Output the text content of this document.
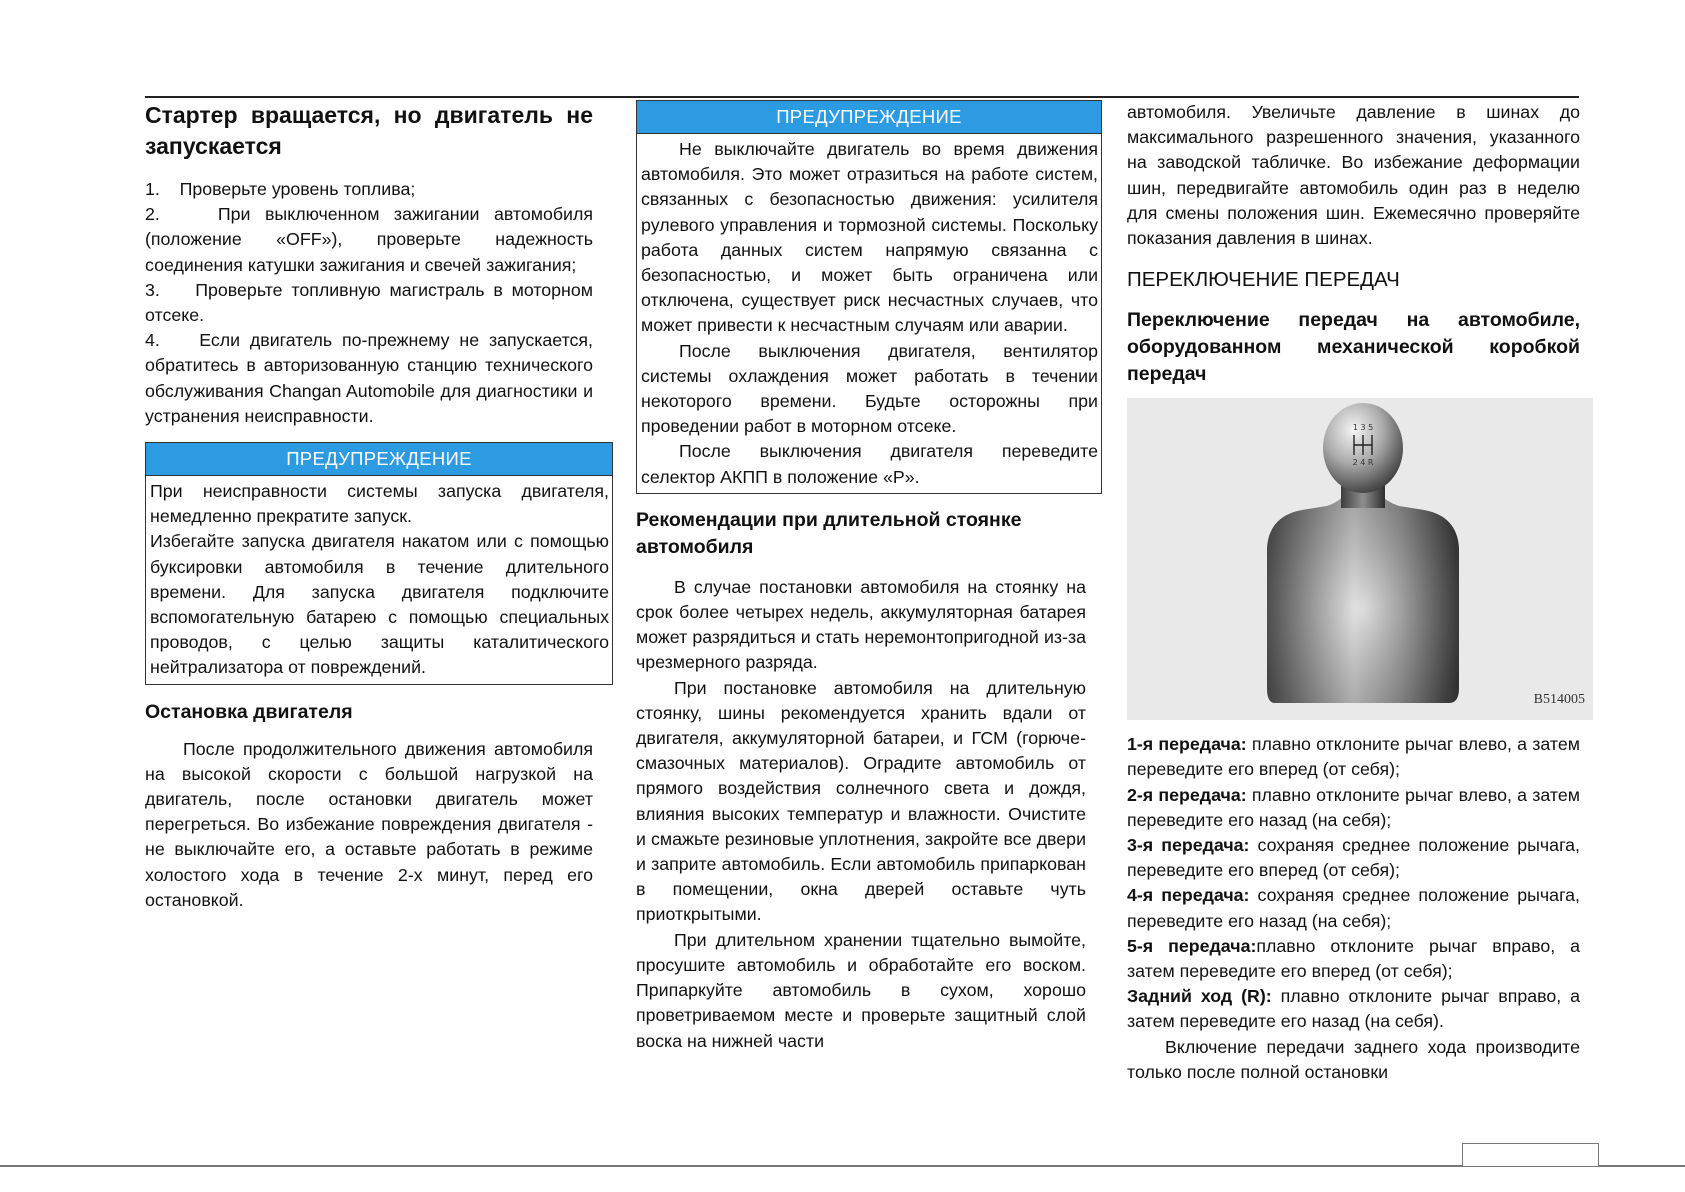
Стартер вращается, но двигатель не
запускается

1.    Проверьте уровень топлива;

2.    При выключенном зажигании автомобиля (положение «OFF»), проверьте надежность соединения катушки зажигания и свечей зажигания;

3.    Проверьте топливную магистраль в моторном отсеке.

4.    Если двигатель по-прежнему не запускается, обратитесь в авторизованную станцию технического обслуживания Changan Automobile для диагностики и устранения неисправности.

ПРЕДУПРЕЖДЕНИЕ

При неисправности системы запуска двигателя, немедленно прекратите запуск.

Избегайте запуска двигателя накатом или с помощью буксировки автомобиля в течение длительного времени. Для запуска двигателя подключите вспомогательную батарею с помощью специальных проводов, с целью защиты каталитического нейтрализатора от повреждений.

Остановка двигателя

После продолжительного движения автомобиля на высокой скорости с большой нагрузкой на двигатель, после остановки двигатель может перегреться. Во избежание повреждения двигателя - не выключайте его, а оставьте работать в режиме холостого хода в течение 2-х минут, перед его остановкой.

ПРЕДУПРЕЖДЕНИЕ

Не выключайте двигатель во время движения автомобиля. Это может отразиться на работе систем, связанных с безопасностью движения: усилителя рулевого управления и тормозной системы. Поскольку работа данных систем напрямую связанна с безопасностью, и может быть ограничена или отключена, существует риск несчастных случаев, что может привести к несчастным случаям или аварии.

После выключения двигателя, вентилятор системы охлаждения может работать в течении некоторого времени. Будьте осторожны при проведении работ в моторном отсеке.

После выключения двигателя переведите селектор АКПП в положение «P».

Рекомендации при длительной стоянке автомобиля

В случае постановки автомобиля на стоянку на срок более четырех недель, аккумуляторная батарея может разрядиться и стать неремонтопригодной из-за чрезмерного разряда.

При постановке автомобиля на длительную стоянку, шины рекомендуется хранить вдали от двигателя, аккумуляторной батареи, и ГСМ (горюче-смазочных материалов). Оградите автомобиль от прямого воздействия солнечного света и дождя, влияния высоких температур и влажности. Очистите и смажьте резиновые уплотнения, закройте все двери и заприте автомобиль. Если автомобиль припаркован в помещении, окна дверей оставьте чуть приоткрытыми.

При длительном хранении тщательно вымойте, просушите автомобиль и обработайте его воском. Припаркуйте автомобиль в сухом, хорошо проветриваемом месте и проверьте защитный слой воска на нижней части

автомобиля. Увеличьте давление в шинах до максимального разрешенного значения, указанного на заводской табличке. Во избежание деформации шин, передвигайте автомобиль один раз в неделю для смены положения шин. Ежемесячно проверяйте показания давления в шинах.

ПЕРЕКЛЮЧЕНИЕ ПЕРЕДАЧ
Переключение передач на автомобиле, оборудованном механической коробкой передач
1 3 5
2 4 R
B514005

1-я передача: плавно отклоните рычаг влево, а затем переведите его вперед (от себя);

2-я передача: плавно отклоните рычаг влево, а затем переведите его назад (на себя);

3-я передача: сохраняя среднее положение рычага, переведите его вперед (от себя);

4-я передача: сохраняя среднее положение рычага, переведите его назад (на себя);

5-я передача:плавно отклоните рычаг вправо, а затем переведите его вперед (от себя);

Задний ход (R): плавно отклоните рычаг вправо, а затем переведите его назад (на себя).

Включение передачи заднего хода производите только после полной остановки
